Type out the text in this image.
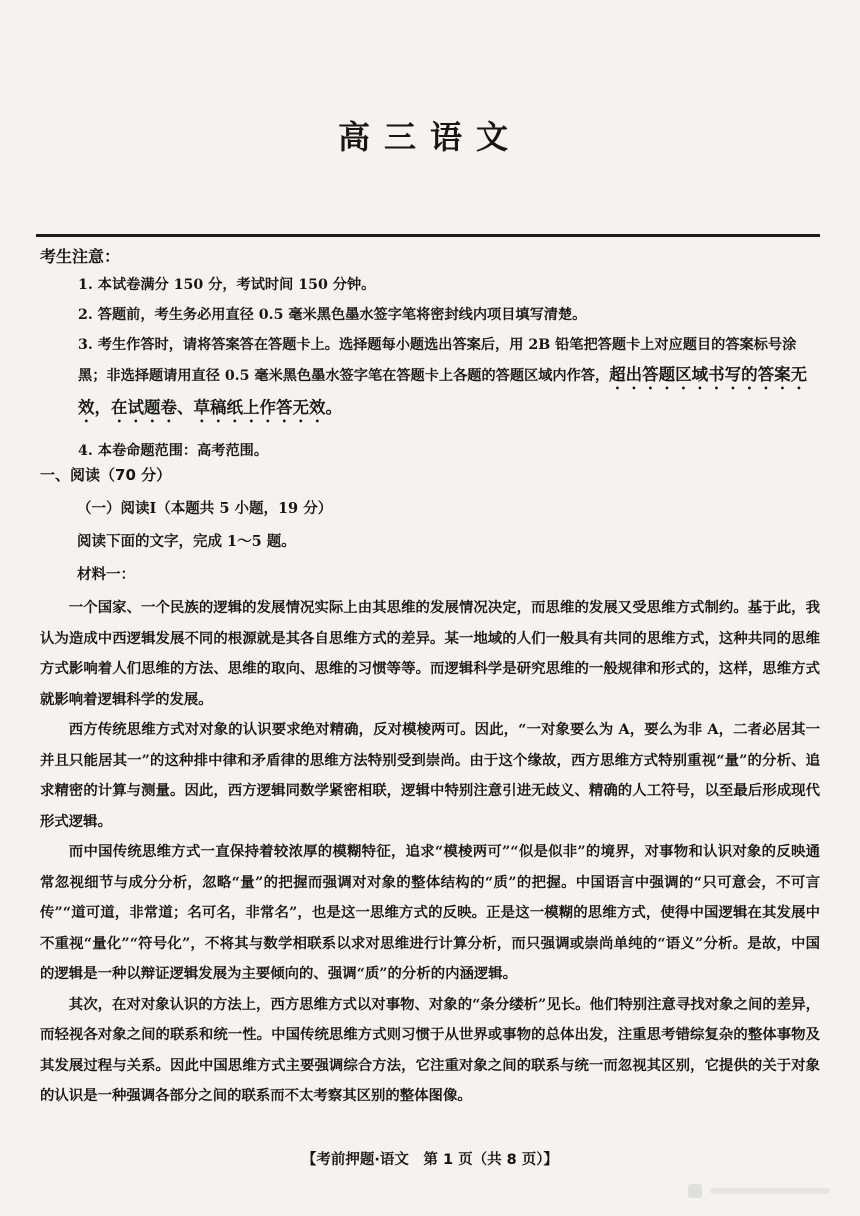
高三语文
考生注意：

1. 本试卷满分 150 分，考试时间 150 分钟。

2. 答题前，考生务必用直径 0.5 毫米黑色墨水签字笔将密封线内项目填写清楚。

3. 考生作答时，请将答案答在答题卡上。选择题每小题选出答案后，用 2B 铅笔把答题卡上对应题目的答案标号涂黑；非选择题请用直径 0.5 毫米黑色墨水签字笔在答题卡上各题的答题区域内作答，超出答题区域书写的答案无效，在试题卷、草稿纸上作答无效。

4. 本卷命题范围：高考范围。

一、阅读（70 分）
（一）阅读Ⅰ（本题共 5 小题，19 分）
阅读下面的文字，完成 1～5 题。
材料一：

一个国家、一个民族的逻辑的发展情况实际上由其思维的发展情况决定，而思维的发展又受思维方式制约。基于此，我认为造成中西逻辑发展不同的根源就是其各自思维方式的差异。某一地域的人们一般具有共同的思维方式，这种共同的思维方式影响着人们思维的方法、思维的取向、思维的习惯等等。而逻辑科学是研究思维的一般规律和形式的，这样，思维方式就影响着逻辑科学的发展。

西方传统思维方式对对象的认识要求绝对精确，反对模棱两可。因此，“一对象要么为 A，要么为非 A，二者必居其一并且只能居其一”的这种排中律和矛盾律的思维方法特别受到崇尚。由于这个缘故，西方思维方式特别重视“量”的分析、追求精密的计算与测量。因此，西方逻辑同数学紧密相联，逻辑中特别注意引进无歧义、精确的人工符号，以至最后形成现代形式逻辑。

而中国传统思维方式一直保持着较浓厚的模糊特征，追求“模棱两可”“似是似非”的境界，对事物和认识对象的反映通常忽视细节与成分分析，忽略“量”的把握而强调对对象的整体结构的“质”的把握。中国语言中强调的“只可意会，不可言传”“道可道，非常道；名可名，非常名”，也是这一思维方式的反映。正是这一模糊的思维方式，使得中国逻辑在其发展中不重视“量化”“符号化”，不将其与数学相联系以求对思维进行计算分析，而只强调或崇尚单纯的“语义”分析。是故，中国的逻辑是一种以辩证逻辑发展为主要倾向的、强调“质”的分析的内涵逻辑。

其次，在对对象认识的方法上，西方思维方式以对事物、对象的“条分缕析”见长。他们特别注意寻找对象之间的差异，而轻视各对象之间的联系和统一性。中国传统思维方式则习惯于从世界或事物的总体出发，注重思考错综复杂的整体事物及其发展过程与关系。因此中国思维方式主要强调综合方法，它注重对象之间的联系与统一而忽视其区别，它提供的关于对象的认识是一种强调各部分之间的联系而不太考察其区别的整体图像。

【考前押题·语文　第 1 页（共 8 页）】
